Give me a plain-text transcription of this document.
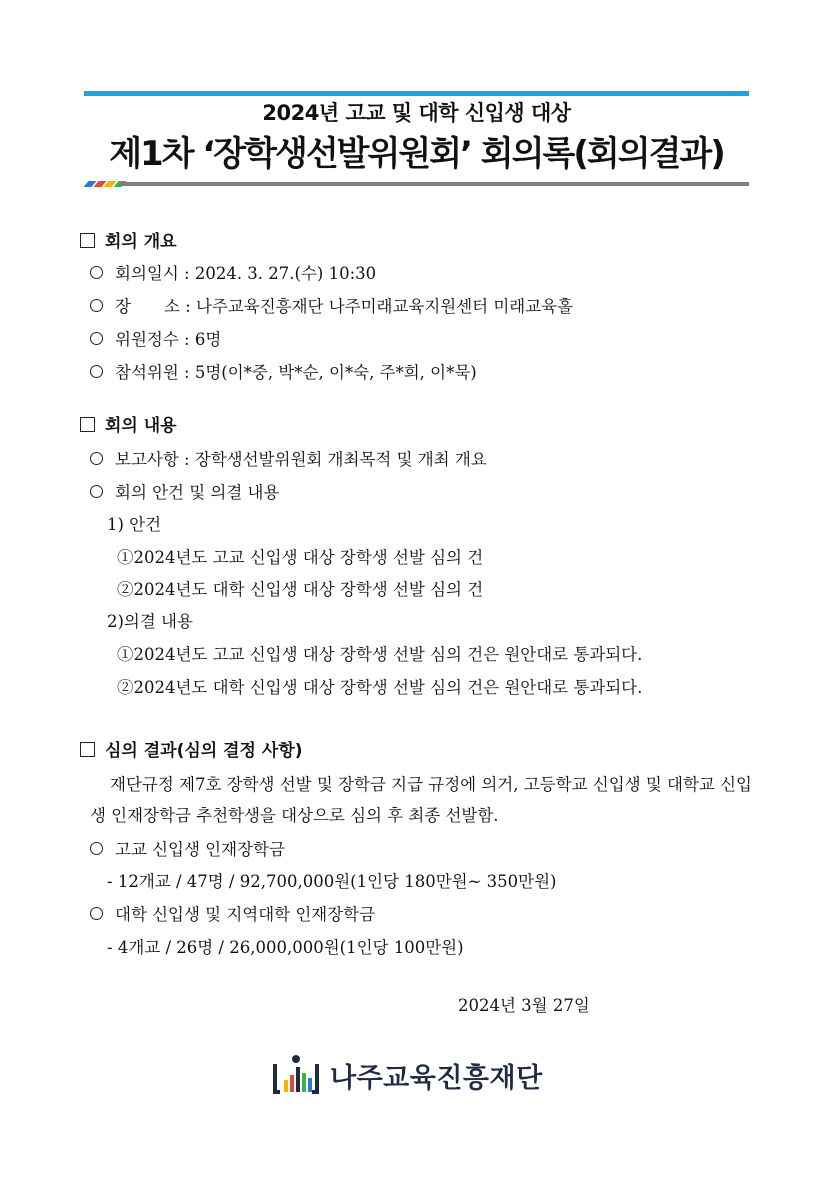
2024년 고교 및 대학 신입생 대상
제1차 ‘장학생선발위원회’ 회의록(회의결과)
회의 개요
회의일시 : 2024. 3. 27.(수) 10:30
장　　소 : 나주교육진흥재단 나주미래교육지원센터 미래교육홀
위원정수 : 6명
참석위원 : 5명(이*중, 박*순, 이*숙, 주*희, 이*묵)
회의 내용
보고사항 : 장학생선발위원회 개최목적 및 개최 개요
회의 안건 및 의결 내용
1) 안건
①2024년도 고교 신입생 대상 장학생 선발 심의 건
②2024년도 대학 신입생 대상 장학생 선발 심의 건
2)의결 내용
①2024년도 고교 신입생 대상 장학생 선발 심의 건은 원안대로 통과되다.
②2024년도 대학 신입생 대상 장학생 선발 심의 건은 원안대로 통과되다.
심의 결과(심의 결정 사항)
재단규정 제7호 장학생 선발 및 장학금 지급 규정에 의거, 고등학교 신입생 및 대학교 신입생 인재장학금 추천학생을 대상으로 심의 후 최종 선발함.
고교 신입생 인재장학금
- 12개교 / 47명 / 92,700,000원(1인당 180만원~ 350만원)
대학 신입생 및 지역대학 인재장학금
- 4개교 / 26명 / 26,000,000원(1인당 100만원)
2024년 3월 27일
나주교육진흥재단
